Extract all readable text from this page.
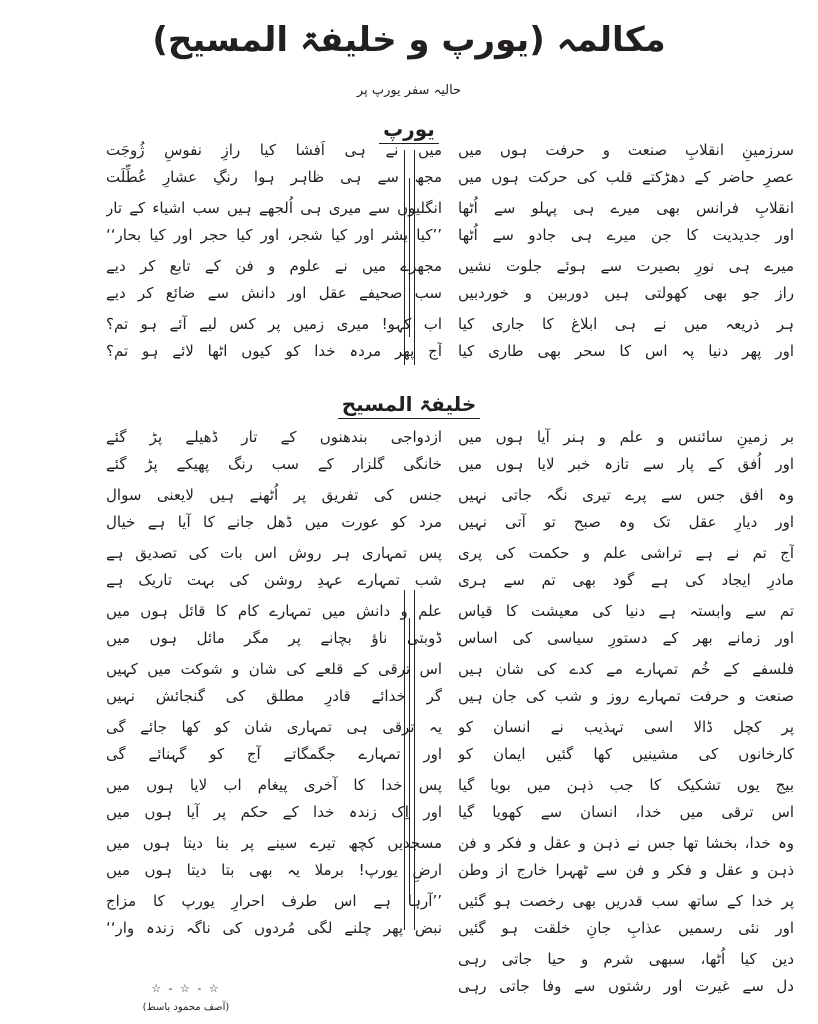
مکالمہ (یورپ و خلیفۃ المسیح)
حالیہ سفر یورپ پر
یورپ
سرزمینِ انقلابِ صنعت و حرفت ہوں میں
عصرِ حاضر کے دھڑکتے قلب کی حرکت ہوں میں
انقلابِ فرانس بھی میرے ہی پہلو سے اُٹھا
اور جدیدیت کا جن میرے ہی جادو سے اُٹھا
میرے ہی نورِ بصیرت سے ہوئے جلوت نشیں
راز جو بھی کھولتی ہیں دوربین و خوردبیں
ہر ذریعہ میں نے ہی ابلاغ کا جاری کیا
اور پھر دنیا پہ اس کا سحر بھی طاری کیا
میں نے ہی اَفشا کیا رازِ نفوسِ ژُوجَت
مجھ سے ہی ظاہر ہوا رنگِ عشارِ عُطِّلَت
انگلیوں سے میری ہی اُلجھے ہیں سب اشیاء کے تار
’’کیا بشر اور کیا شجر، اور کیا حجر اور کیا بحار‘‘
مجھرے میں نے علوم و فن کے تابع کر دیے
سب صحیفے عقل اور دانش سے ضائع کر دیے
اب کہو! میری زمیں پر کس لیے آئے ہو تم؟
آج پھر مردہ خدا کو کیوں اٹھا لائے ہو تم؟
خلیفۃ المسیح
بر زمینِ سائنس و علم و ہنر آیا ہوں میں
اور اُفق کے پار سے تازہ خبر لایا ہوں میں
وہ افق جس سے پرے تیری نگہ جاتی نہیں
اور دیارِ عقل تک وہ صبح تو آتی نہیں
آج تم نے ہے تراشی علم و حکمت کی پری
مادرِ ایجاد کی ہے گود بھی تم سے ہری
تم سے وابستہ ہے دنیا کی معیشت کا قیاس
اور زمانے بھر کے دستورِ سیاسی کی اساس
فلسفے کے خُم تمہارے مے کدے کی شان ہیں
صنعت و حرفت تمہارے روز و شب کی جان ہیں
پر کچل ڈالا اسی تہذیب نے انسان کو
کارخانوں کی مشینیں کھا گئیں ایمان کو
بیج یوں تشکیک کا جب ذہن میں بویا گیا
اس ترقی میں خدا، انسان سے کھویا گیا
وہ خدا، بخشا تھا جس نے ذہن و عقل و فکر و فن
ذہن و عقل و فکر و فن سے ٹھہرا خارج از وطن
پر خدا کے ساتھ سب قدریں بھی رخصت ہو گئیں
اور نئی رسمیں عذابِ جانِ خلقت ہو گئیں
دین کیا اُٹھا، سبھی شرم و حیا جاتی رہی
دل سے غیرت اور رشتوں سے وفا جاتی رہی
ازدواجی بندھنوں کے تار ڈھیلے پڑ گئے
خانگی گلزار کے سب رنگ پھیکے پڑ گئے
جنس کی تفریق پر اُٹھنے ہیں لایعنی سوال
مرد کو عورت میں ڈھل جانے کا آیا ہے خیال
پس تمہاری ہر روش اس بات کی تصدیق ہے
شب تمہارے عہدِ روشن کی بہت تاریک ہے
علم و دانش میں تمہارے کام کا قائل ہوں میں
ڈوبتی ناؤ بچانے پر مگر مائل ہوں میں
اس ترقی کے قلعے کی شان و شوکت میں کہیں
گر خدائے قادرِ مطلق کی گنجائش نہیں
یہ ترقی ہی تمہاری شان کو کھا جائے گی
اور تمہارے جگمگاتے آج کو گہنائے گی
پس خدا کا آخری پیغام اب لایا ہوں میں
اور اِک زندہ خدا کے حکم پر آیا ہوں میں
مسجدیں کچھ تیرے سینے پر بنا دیتا ہوں میں
ارضِ یورپ! برملا یہ بھی بتا دیتا ہوں میں
’’آرہا ہے اس طرف احرارِ یورپ کا مزاج
نبض پھر چلنے لگی مُردوں کی ناگہ زندہ وار‘‘
☆ - ☆ - ☆
(آصف محمود باسط)
